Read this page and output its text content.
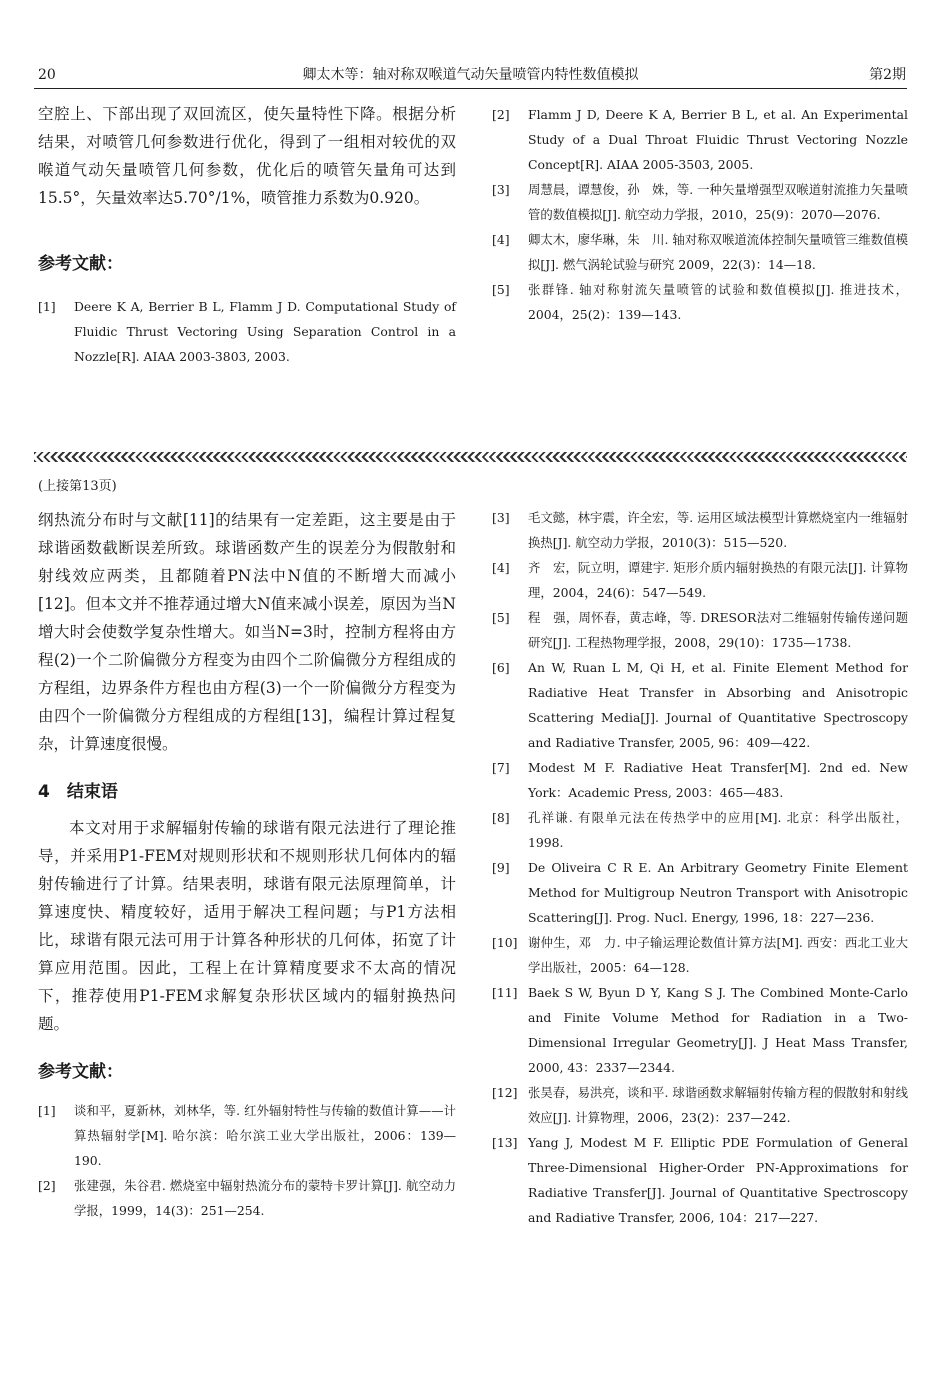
20	卿太木等：轴对称双喉道气动矢量喷管内特性数值模拟	第2期
空腔上、下部出现了双回流区，使矢量特性下降。根据分析结果，对喷管几何参数进行优化，得到了一组相对较优的双喉道气动矢量喷管几何参数，优化后的喷管矢量角可达到15.5°，矢量效率达5.70°/1%，喷管推力系数为0.920。
参考文献：
[1]	Deere K A, Berrier B L, Flamm J D. Computational Study of Fluidic Thrust Vectoring Using Separation Control in a Nozzle[R]. AIAA 2003-3803, 2003.
[2]	Flamm J D, Deere K A, Berrier B L, et al. An Experimental Study of a Dual Throat Fluidic Thrust Vectoring Nozzle Concept[R]. AIAA 2005-3503, 2005.
[3]	周慧晨，谭慧俊，孙　姝，等. 一种矢量增强型双喉道射流推力矢量喷管的数值模拟[J]. 航空动力学报，2010，25(9)：2070—2076.
[4]	卿太木，廖华琳，朱　川. 轴对称双喉道流体控制矢量喷管三维数值模拟[J]. 燃气涡轮试验与研究 2009，22(3)：14—18.
[5]	张群锋. 轴对称射流矢量喷管的试验和数值模拟[J]. 推进技术，2004，25(2)：139—143.
(上接第13页)
纲热流分布时与文献[11]的结果有一定差距，这主要是由于球谐函数截断误差所致。球谐函数产生的误差分为假散射和射线效应两类，且都随着PN法中N值的不断增大而减小[12]。但本文并不推荐通过增大N值来减小误差，原因为当N增大时会使数学复杂性增大。如当N=3时，控制方程将由方程(2)一个二阶偏微分方程变为由四个二阶偏微分方程组成的方程组，边界条件方程也由方程(3)一个一阶偏微分方程变为由四个一阶偏微分方程组成的方程组[13]，编程计算过程复杂，计算速度很慢。
4　结束语
本文对用于求解辐射传输的球谐有限元法进行了理论推导，并采用P1-FEM对规则形状和不规则形状几何体内的辐射传输进行了计算。结果表明，球谐有限元法原理简单，计算速度快、精度较好，适用于解决工程问题；与P1方法相比，球谐有限元法可用于计算各种形状的几何体，拓宽了计算应用范围。因此，工程上在计算精度要求不太高的情况下，推荐使用P1-FEM求解复杂形状区域内的辐射换热问题。
参考文献：
[1]	谈和平，夏新林，刘林华，等. 红外辐射特性与传输的数值计算——计算热辐射学[M]. 哈尔滨：哈尔滨工业大学出版社，2006：139—190.
[2]	张建强，朱谷君. 燃烧室中辐射热流分布的蒙特卡罗计算[J]. 航空动力学报，1999，14(3)：251—254.
[3]	毛文懿，林宇震，许全宏，等. 运用区域法模型计算燃烧室内一维辐射换热[J]. 航空动力学报，2010(3)：515—520.
[4]	齐　宏，阮立明，谭建宇. 矩形介质内辐射换热的有限元法[J]. 计算物理，2004，24(6)：547—549.
[5]	程　强，周怀春，黄志峰，等. DRESOR法对二维辐射传输传递问题研究[J]. 工程热物理学报，2008，29(10)：1735—1738.
[6]	An W, Ruan L M, Qi H, et al. Finite Element Method for Radiative Heat Transfer in Absorbing and Anisotropic Scattering Media[J]. Journal of Quantitative Spectroscopy and Radiative Transfer, 2005, 96：409—422.
[7]	Modest M F. Radiative Heat Transfer[M]. 2nd ed. New York：Academic Press, 2003：465—483.
[8]	孔祥谦. 有限单元法在传热学中的应用[M]. 北京：科学出版社，1998.
[9]	De Oliveira C R E. An Arbitrary Geometry Finite Element Method for Multigroup Neutron Transport with Anisotropic Scattering[J]. Prog. Nucl. Energy, 1996, 18：227—236.
[10] 谢仲生，邓　力. 中子输运理论数值计算方法[M]. 西安：西北工业大学出版社，2005：64—128.
[11] Baek S W, Byun D Y, Kang S J. The Combined Monte-Carlo and Finite Volume Method for Radiation in a Two-Dimensional Irregular Geometry[J]. J Heat Mass Transfer, 2000, 43：2337—2344.
[12] 张昊春，易洪亮，谈和平. 球谐函数求解辐射传输方程的假散射和射线效应[J]. 计算物理，2006，23(2)：237—242.
[13] Yang J, Modest M F. Elliptic PDE Formulation of General Three-Dimensional Higher-Order PN-Approximations for Radiative Transfer[J]. Journal of Quantitative Spectroscopy and Radiative Transfer, 2006, 104：217—227.
